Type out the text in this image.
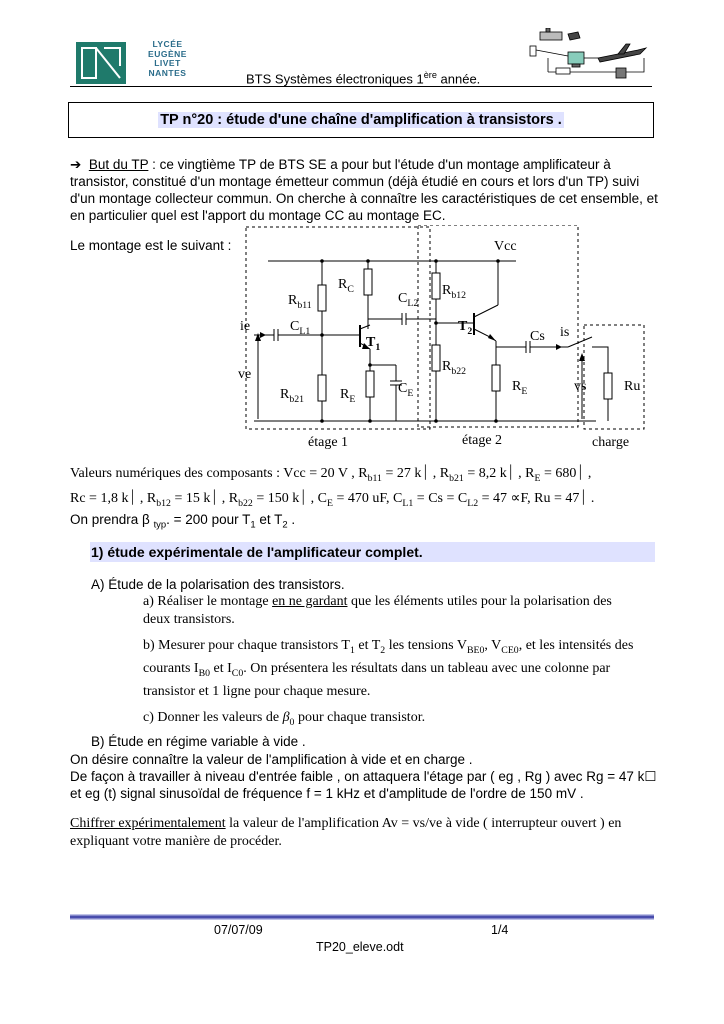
LYCÉE
EUGÈNE
LIVET
NANTES	BTS Systèmes électroniques 1ère année.
TP n°20 : étude d'une chaîne d'amplification à transistors .
➔ But du TP : ce vingtième TP de BTS SE a pour but l'étude d'un montage amplificateur à
transistor, constitué d'un montage émetteur commun (déjà étudié en cours et lors d'un TP) suivi
d'un montage collecteur commun. On cherche à connaître les caractéristiques de cet ensemble, et
en particulier quel est l'apport du montage CC au montage EC.
Le montage est le suivant :	Vcc
$R_{b11}$
$R_C$
$C_{L2}$
$R_{b12}$
ie	$C_{L1}$
$T_1$
$T_2$	Cs is
ve
$R_{b22}$
$C_E$
$R_{b21}$	$R_E$
$R_E$	vs	Ru
étage 1	étage 2	charge
Valeurs numériques des composants : Vcc = 20 V , $R_{b11} = 27$ k⏐ , $R_{b21} = 8,2$ k⏐ , $R_E$ = 680⏐ ,
Rc = 1,8 k⏐ , $R_{b12} = 15$ k⏐ , $R_{b22} = 150$ k⏐ , $C_E = 470$ uF, $C_{L1} = Cs = C_{L2} = 47 \propto F$, Ru = 47⏐ .
On prendra β $_{typ}$. = 200 pour $T_1$ et $T_2$ .
1) étude expérimentale de l'amplificateur complet.
A) Étude de la polarisation des transistors.
a) Réaliser le montage en ne gardant que les éléments utiles pour la polarisation des
deux transistors.
b) Mesurer pour chaque transistors $T_1$ et $T_2$ les tensions $V_{BE0}$, $V_{CE0}$, et les intensités des
courants $I_{B0}$ et $I_{C0}$. On présentera les résultats dans un tableau avec une colonne par
transistor et 1 ligne pour chaque mesure.
c) Donner les valeurs de $\beta_0$ pour chaque transistor.
B) Étude en régime variable à vide .
On désire connaître la valeur de l'amplification à vide et en charge .
De façon à travailler à niveau d'entrée faible , on attaquera l'étage par ( eg , Rg ) avec Rg = 47 k☐
et eg (t) signal sinusoïdal de fréquence f = 1 kHz et d'amplitude de l'ordre de 150 mV .
Chiffrer expérimentalement la valeur de l'amplification Av = vs/ve à vide ( interrupteur ouvert ) en
expliquant votre manière de procéder.
07/07/09	1/4
TP20_eleve.odt
